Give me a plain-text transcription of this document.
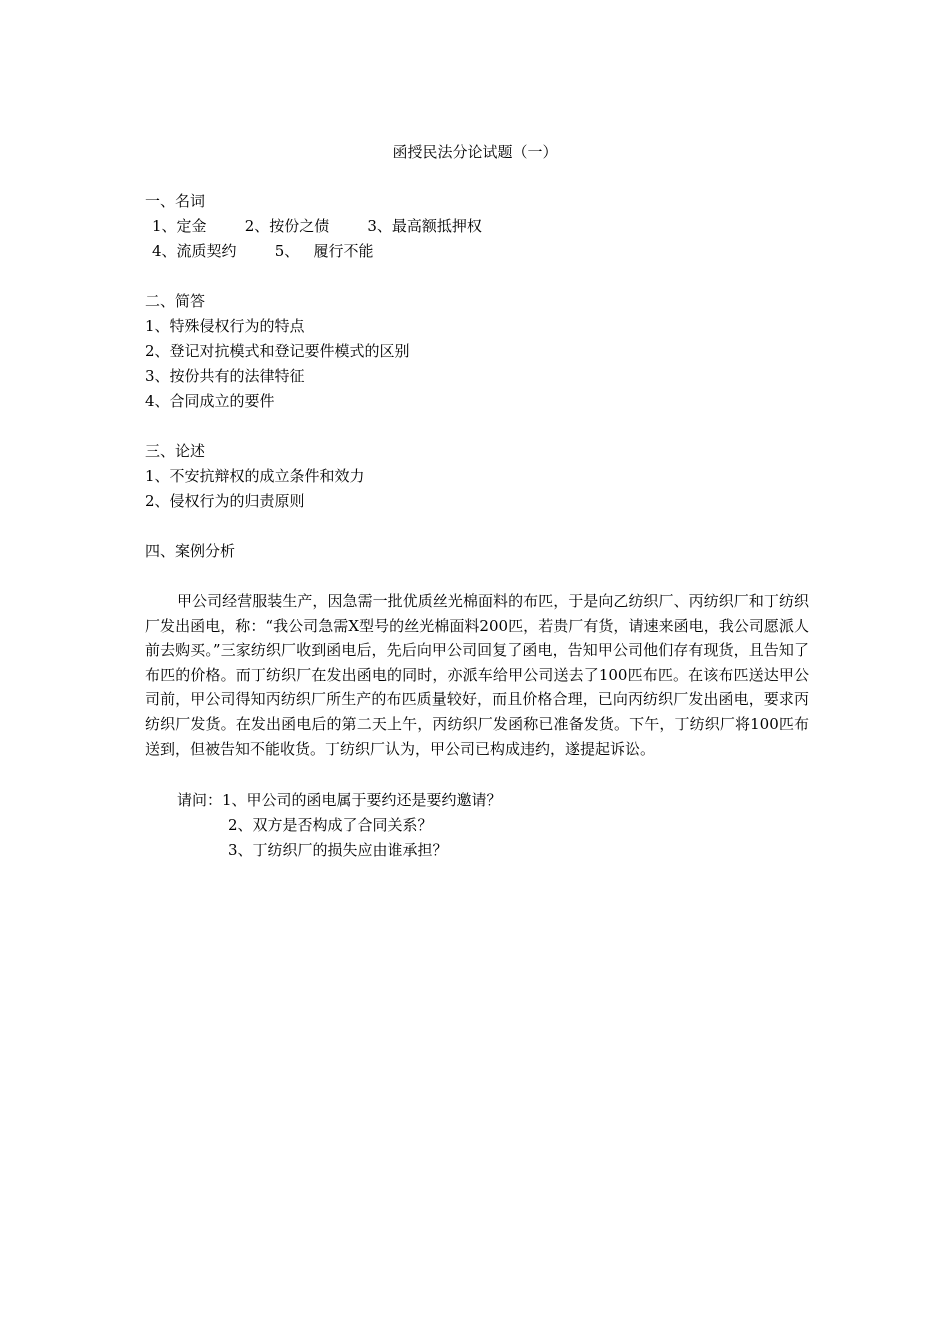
函授民法分论试题（一）
一、名词
1、定金        2、按份之债        3、最高额抵押权
4、流质契约        5、   履行不能
二、简答
1、特殊侵权行为的特点
2、登记对抗模式和登记要件模式的区别
3、按份共有的法律特征
4、合同成立的要件
三、论述
1、不安抗辩权的成立条件和效力
2、侵权行为的归责原则
四、案例分析
甲公司经营服装生产，因急需一批优质丝光棉面料的布匹，于是向乙纺织厂、丙纺织厂和丁纺织厂发出函电，称：“我公司急需X型号的丝光棉面料200匹，若贵厂有货，请速来函电，我公司愿派人前去购买。”三家纺织厂收到函电后，先后向甲公司回复了函电，告知甲公司他们存有现货，且告知了布匹的价格。而丁纺织厂在发出函电的同时，亦派车给甲公司送去了100匹布匹。在该布匹送达甲公司前，甲公司得知丙纺织厂所生产的布匹质量较好，而且价格合理，已向丙纺织厂发出函电，要求丙纺织厂发货。在发出函电后的第二天上午，丙纺织厂发函称已准备发货。下午，丁纺织厂将100匹布送到，但被告知不能收货。丁纺织厂认为，甲公司已构成违约，遂提起诉讼。
请问：1、甲公司的函电属于要约还是要约邀请？
2、双方是否构成了合同关系？
3、丁纺织厂的损失应由谁承担？
